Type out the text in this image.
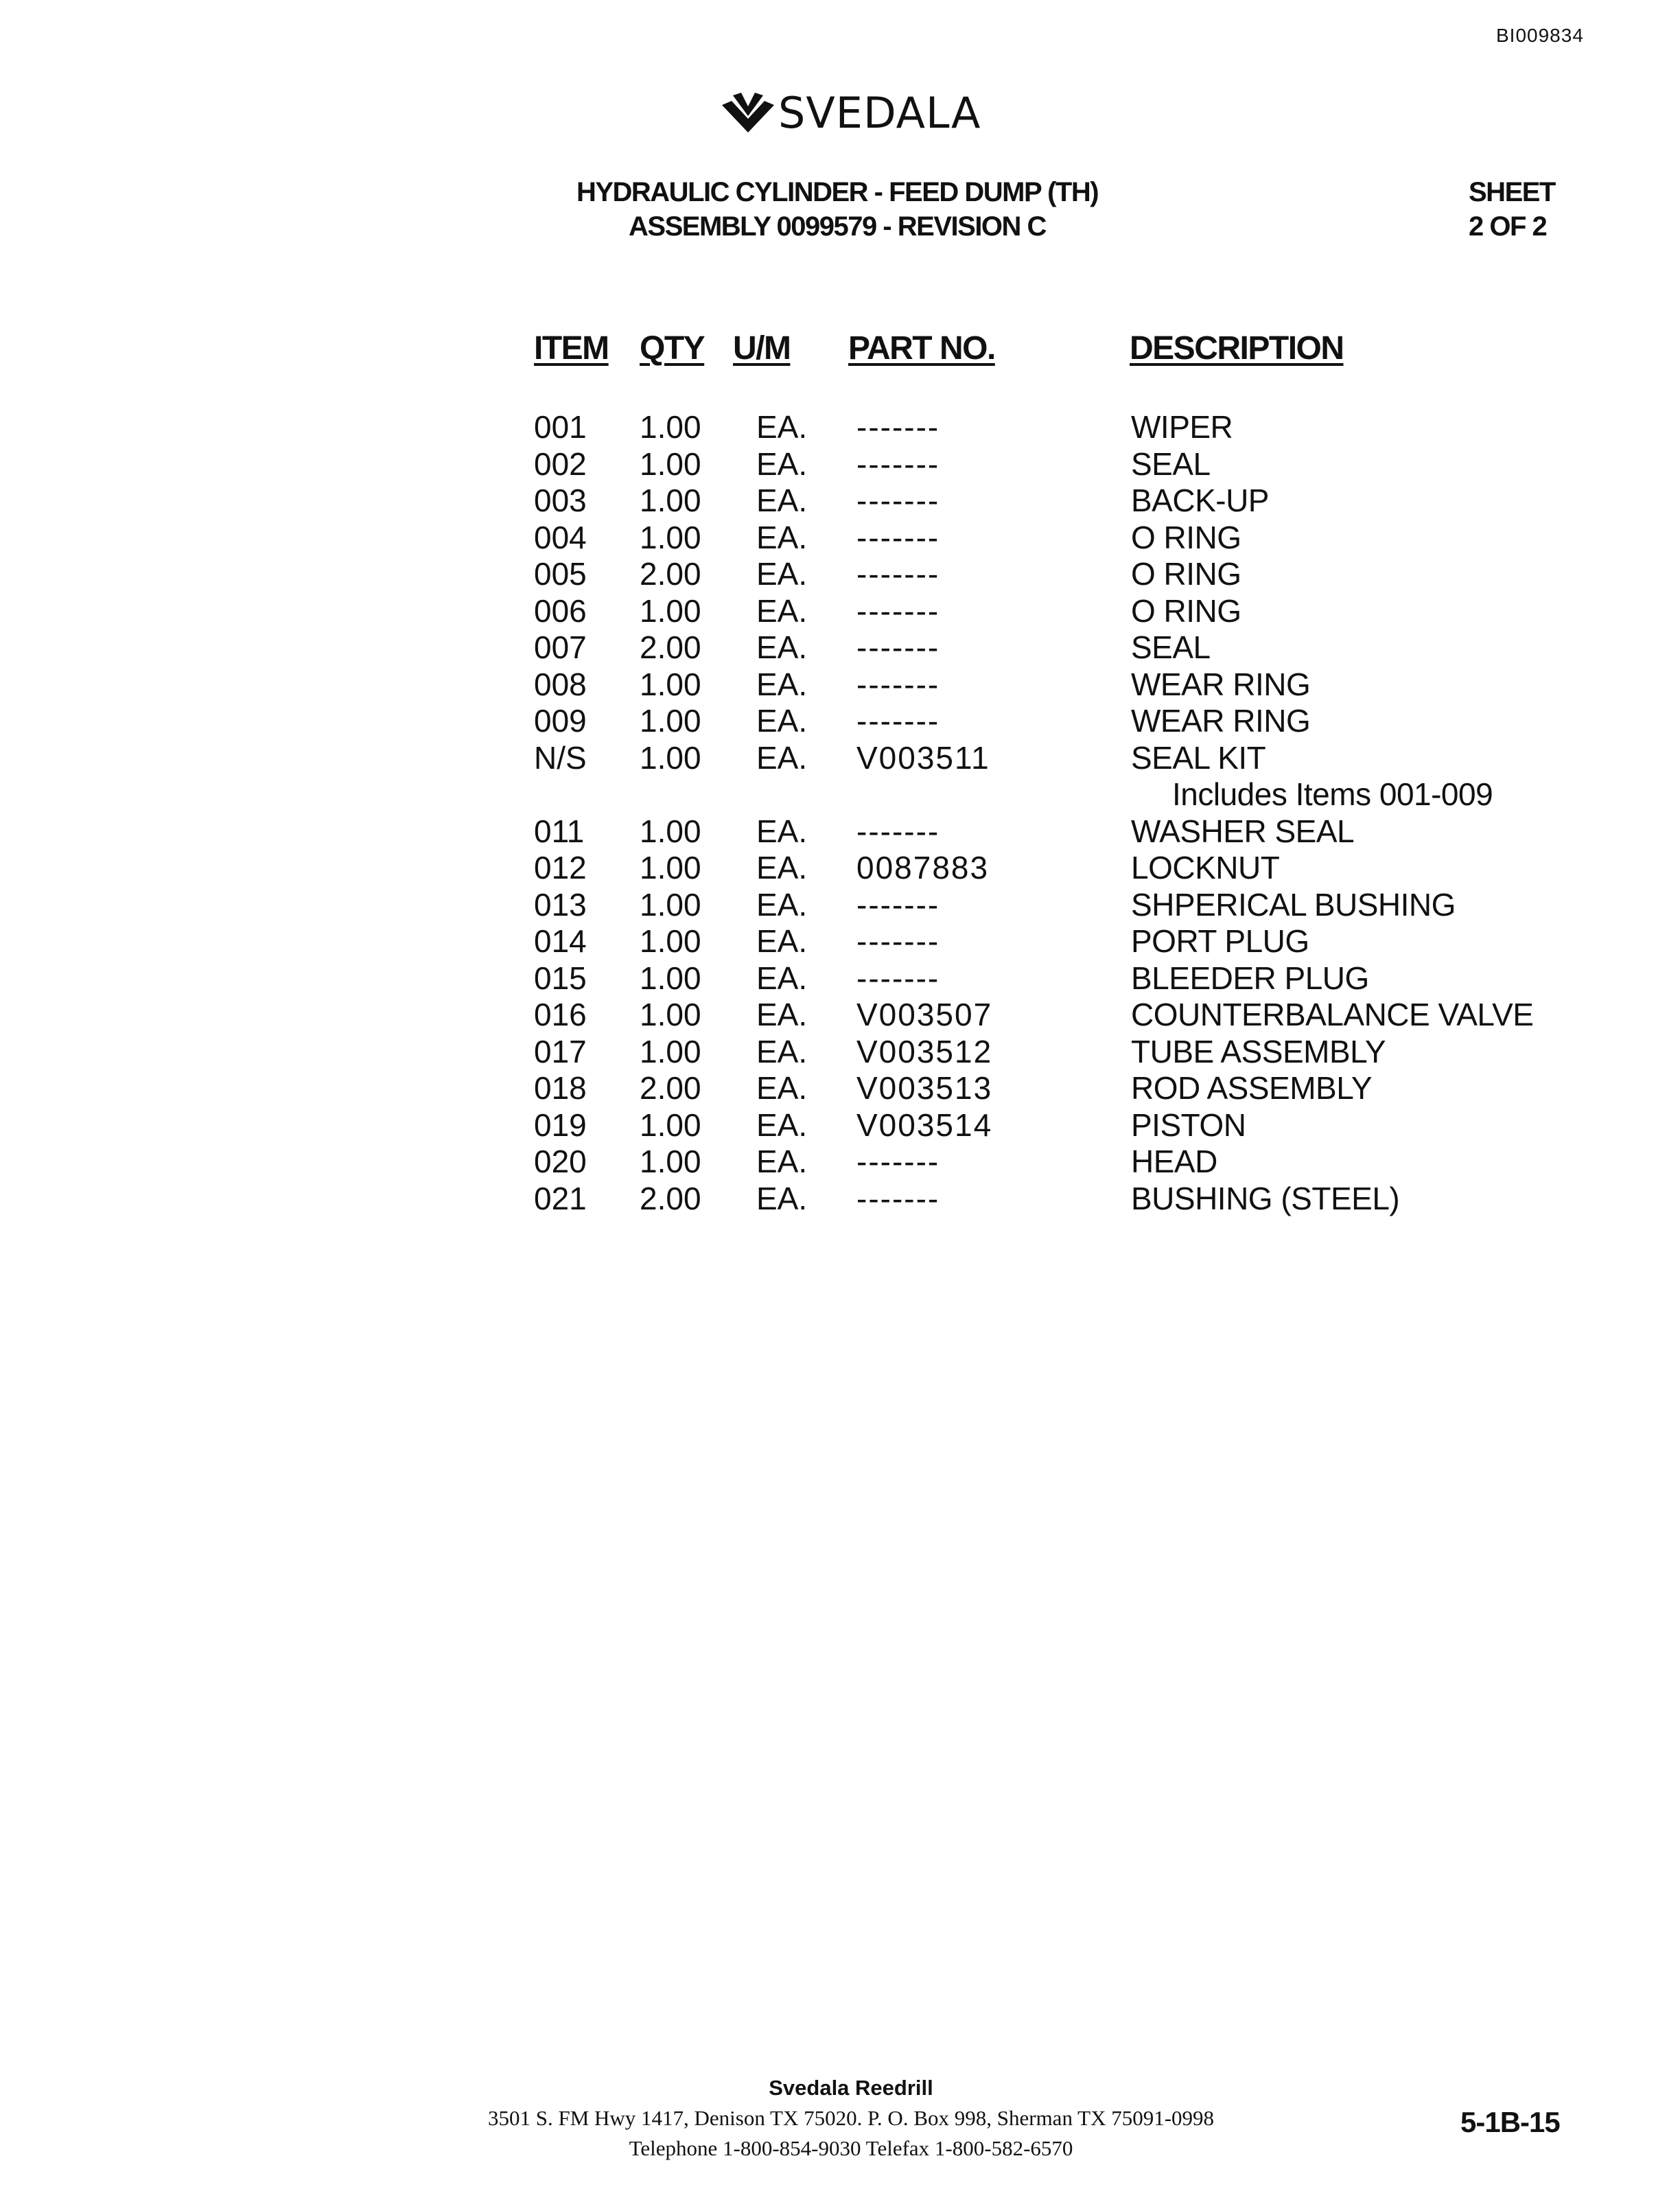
BI009834
SVEDALA
HYDRAULIC CYLINDER - FEED DUMP (TH)
ASSEMBLY 0099579 - REVISION C
SHEET
2 OF 2
ITEM QTY U/M PART NO.	DESCRIPTION
001 1.00 EA. -------	WIPER
002 1.00 EA. -------	SEAL
003 1.00 EA. -------	BACK-UP
004 1.00 EA. -------	O RING
005 2.00 EA. -------	O RING
006 1.00 EA. -------	O RING
007 2.00 EA. -------	SEAL
008 1.00 EA. -------	WEAR RING
009 1.00 EA. -------	WEAR RING
N/S 1.00 EA. V003511	SEAL KIT
Includes Items 001-009
011 1.00 EA. -------	WASHER SEAL
012 1.00 EA. 0087883	LOCKNUT
013 1.00 EA. -------	SHPERICAL BUSHING
014 1.00 EA. -------	PORT PLUG
015 1.00 EA. -------	BLEEDER PLUG
016 1.00 EA. V003507	COUNTERBALANCE VALVE
017 1.00 EA. V003512	TUBE ASSEMBLY
018 2.00 EA. V003513	ROD ASSEMBLY
019 1.00 EA. V003514	PISTON
020 1.00 EA. -------	HEAD
021 2.00 EA. -------	BUSHING (STEEL)
Svedala Reedrill
3501 S. FM Hwy 1417, Denison TX 75020. P. O. Box 998, Sherman TX 75091-0998
Telephone 1-800-854-9030 Telefax 1-800-582-6570
5-1B-15
